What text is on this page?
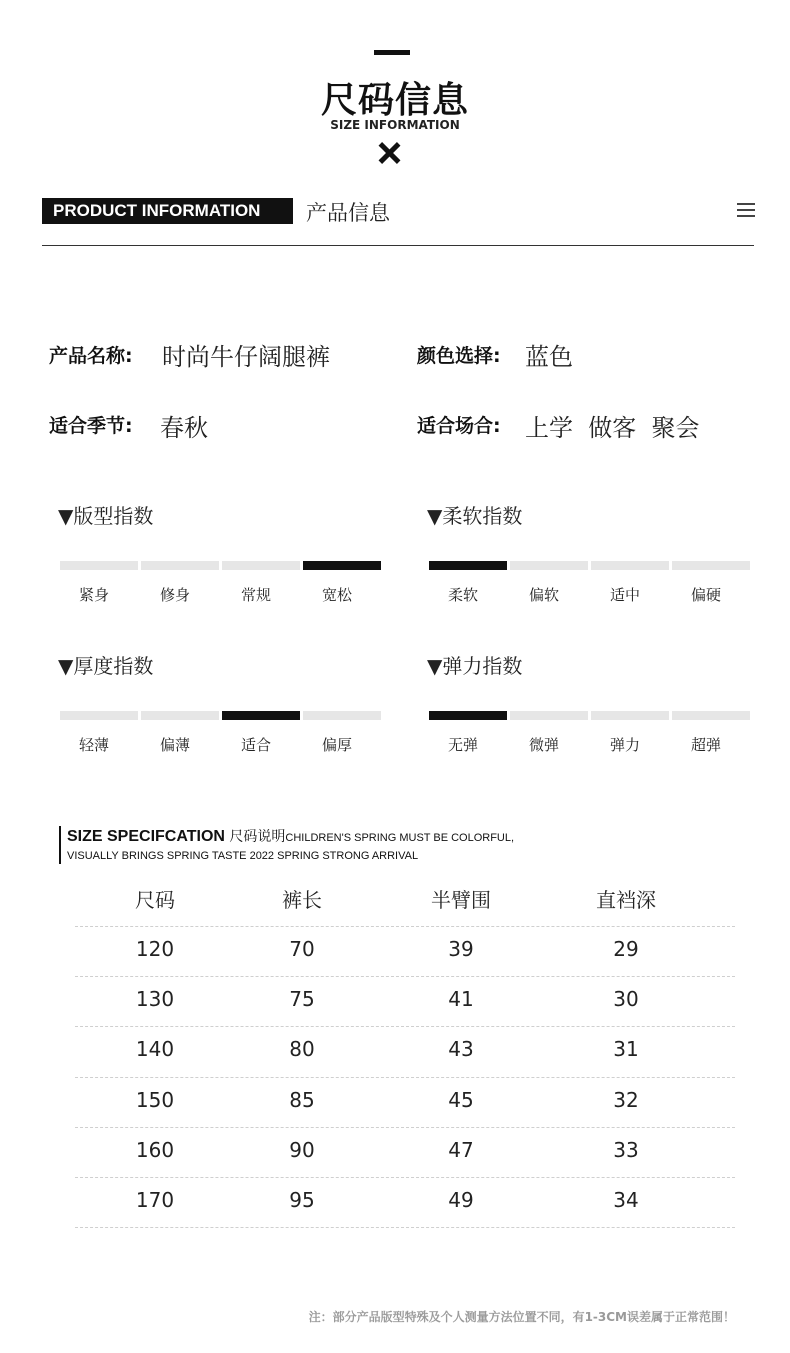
尺码信息
SIZE INFORMATION
PRODUCT INFORMATION	产品信息
产品名称: 时尚牛仔阔腿裤	颜色选择: 蓝色
适合季节: 春秋	适合场合: 上学  做客  聚会
▼版型指数
紧身	修身	常规	宽松
▼柔软指数
柔软	偏软	适中	偏硬
▼厚度指数
轻薄	偏薄	适合	偏厚
▼弹力指数
无弹	微弹	弹力	超弹
SIZE SPECIFCATION 尺码说明CHILDREN'S SPRING MUST BE COLORFUL,
VISUALLY BRINGS SPRING TASTE 2022 SPRING STRONG ARRIVAL
尺码	裤长	半臂围	直裆深
120	70	39	29
130	75	41	30
140	80	43	31
150	85	45	32
160	90	47	33
170	95	49	34
注：部分产品版型特殊及个人测量方法位置不同，有1-3CM误差属于正常范围！
